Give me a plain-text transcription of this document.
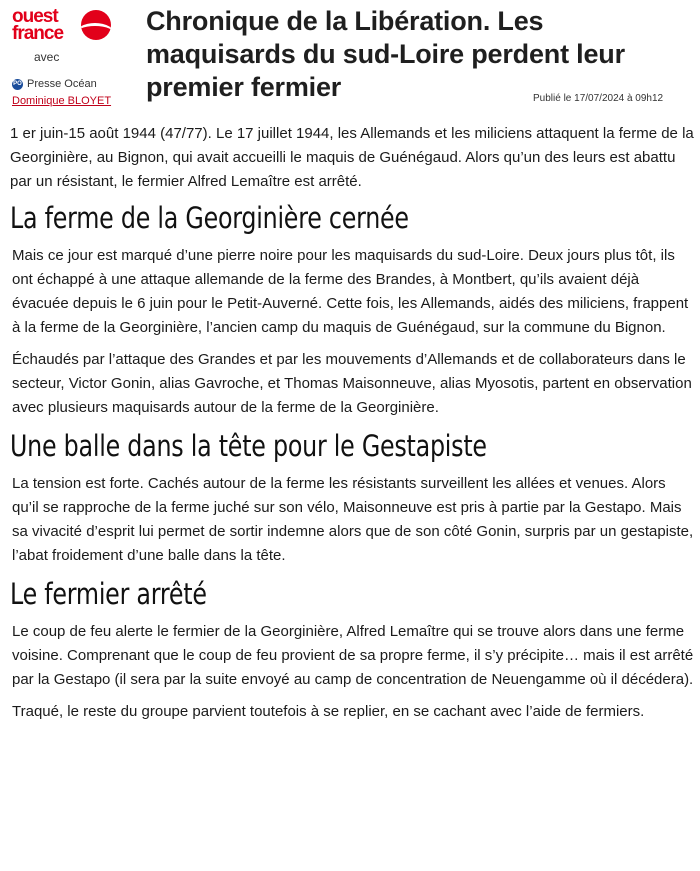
ouest
france
avec
PO Presse Océan
Dominique BLOYET
Chronique de la Libération. Les maquisards du sud-Loire perdent leur premier fermier	Publié le 17/07/2024 à 09h12

1 er juin-15 août 1944 (47/77). Le 17 juillet 1944, les Allemands et les miliciens attaquent la ferme de la Georginière, au Bignon, qui avait accueilli le maquis de Guénégaud. Alors qu’un des leurs est abattu par un résistant, le fermier Alfred Lemaître est arrêté.

La ferme de la Georginière cernée

Mais ce jour est marqué d’une pierre noire pour les maquisards du sud-Loire. Deux jours plus tôt, ils ont échappé à une attaque allemande de la ferme des Brandes, à Montbert, qu’ils avaient déjà évacuée depuis le 6 juin pour le Petit-Auverné. Cette fois, les Allemands, aidés des miliciens, frappent à la ferme de la Georginière, l’ancien camp du maquis de Guénégaud, sur la commune du Bignon.

Échaudés par l’attaque des Grandes et par les mouvements d’Allemands et de collaborateurs dans le secteur, Victor Gonin, alias Gavroche, et Thomas Maisonneuve, alias Myosotis, partent en observation avec plusieurs maquisards autour de la ferme de la Georginière.

Une balle dans la tête pour le Gestapiste

La tension est forte. Cachés autour de la ferme les résistants surveillent les allées et venues. Alors qu’il se rapproche de la ferme juché sur son vélo, Maisonneuve est pris à partie par la Gestapo. Mais sa vivacité d’esprit lui permet de sortir indemne alors que de son côté Gonin, surpris par un gestapiste, l’abat froidement d’une balle dans la tête.

Le fermier arrêté

Le coup de feu alerte le fermier de la Georginière, Alfred Lemaître qui se trouve alors dans une ferme voisine. Comprenant que le coup de feu provient de sa propre ferme, il s’y précipite… mais il est arrêté par la Gestapo (il sera par la suite envoyé au camp de concentration de Neuengamme où il décédera).

Traqué, le reste du groupe parvient toutefois à se replier, en se cachant avec l’aide de fermiers.
